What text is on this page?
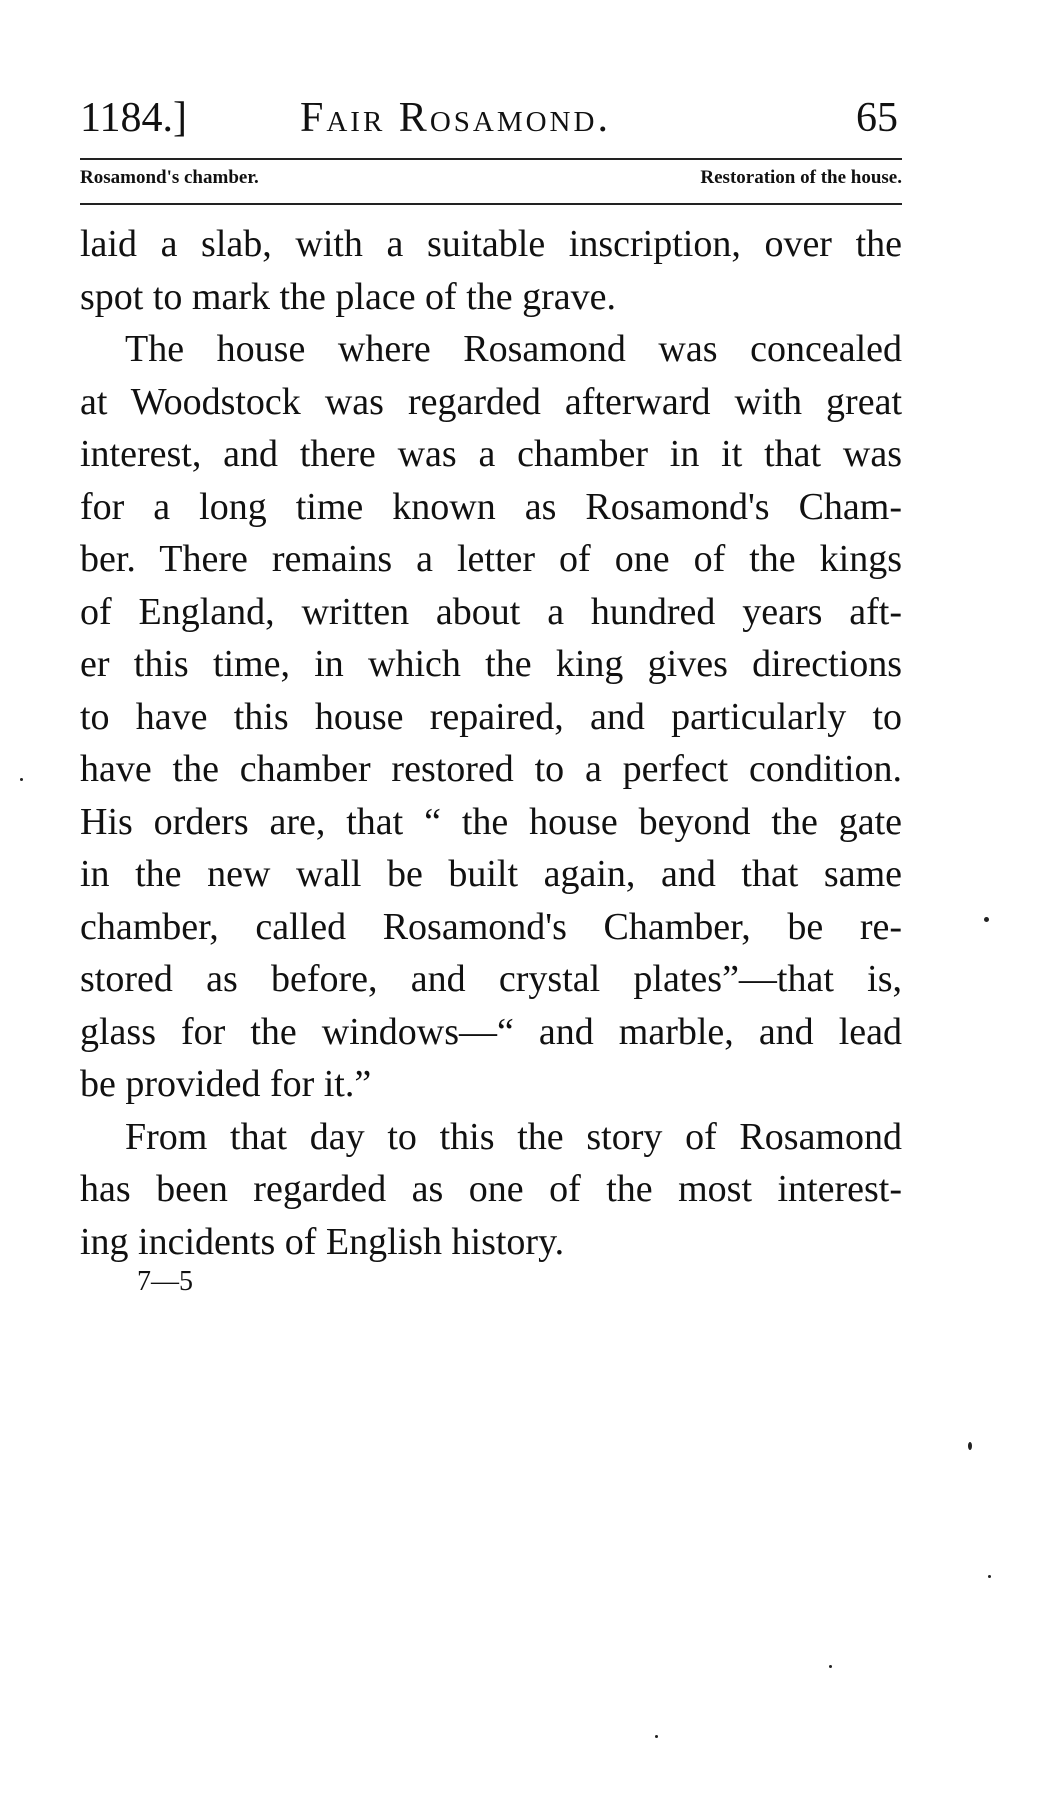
1184.]	Fair Rosamond.	65
Rosamond's chamber.	Restoration of the house.
laid a slab, with a suitable inscription, over the
spot to mark the place of the grave.
The house where Rosamond was concealed
at Woodstock was regarded afterward with great
interest, and there was a chamber in it that was
for a long time known as Rosamond's Cham-
ber. There remains a letter of one of the kings
of England, written about a hundred years aft-
er this time, in which the king gives directions
to have this house repaired, and particularly to
have the chamber restored to a perfect condition.
His orders are, that “ the house beyond the gate
in the new wall be built again, and that same
chamber, called Rosamond's Chamber, be re-
stored as before, and crystal plates”—that is,
glass for the windows—“ and marble, and lead
be provided for it.”
From that day to this the story of Rosamond
has been regarded as one of the most interest-
ing incidents of English history.
7—5
